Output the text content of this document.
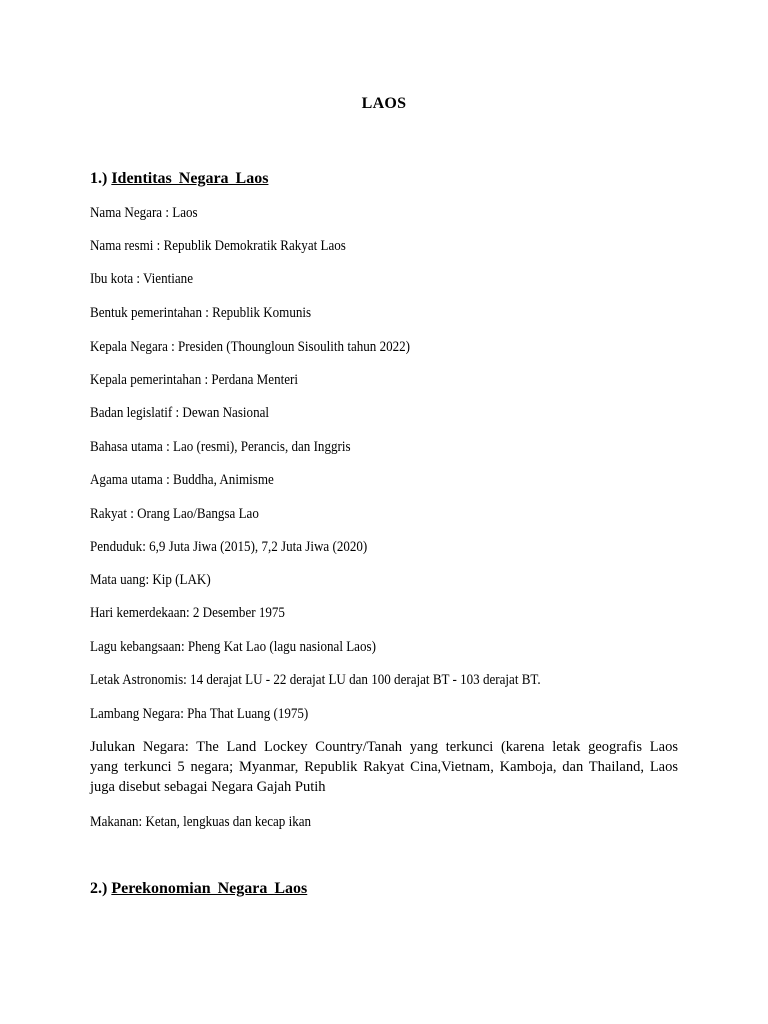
LAOS
1.) Identitas Negara Laos
Nama Negara : Laos
Nama resmi : Republik Demokratik Rakyat Laos
Ibu kota : Vientiane
Bentuk pemerintahan : Republik Komunis
Kepala Negara : Presiden (Thoungloun Sisoulith tahun 2022)
Kepala pemerintahan : Perdana Menteri
Badan legislatif : Dewan Nasional
Bahasa utama : Lao (resmi), Perancis, dan Inggris
Agama utama : Buddha, Animisme
Rakyat : Orang Lao/Bangsa Lao
Penduduk: 6,9 Juta Jiwa (2015), 7,2 Juta Jiwa (2020)
Mata uang: Kip (LAK)
Hari kemerdekaan: 2 Desember 1975
Lagu kebangsaan: Pheng Kat Lao (lagu nasional Laos)
Letak Astronomis: 14 derajat LU - 22 derajat LU dan 100 derajat BT - 103 derajat BT.
Lambang Negara: Pha That Luang (1975)
Julukan Negara: The Land Lockey Country/Tanah yang terkunci (karena letak geografis Laos
yang terkunci 5 negara; Myanmar, Republik Rakyat Cina,Vietnam, Kamboja, dan Thailand, Laos
juga disebut sebagai Negara Gajah Putih
Makanan: Ketan, lengkuas dan kecap ikan
2.) Perekonomian Negara Laos
